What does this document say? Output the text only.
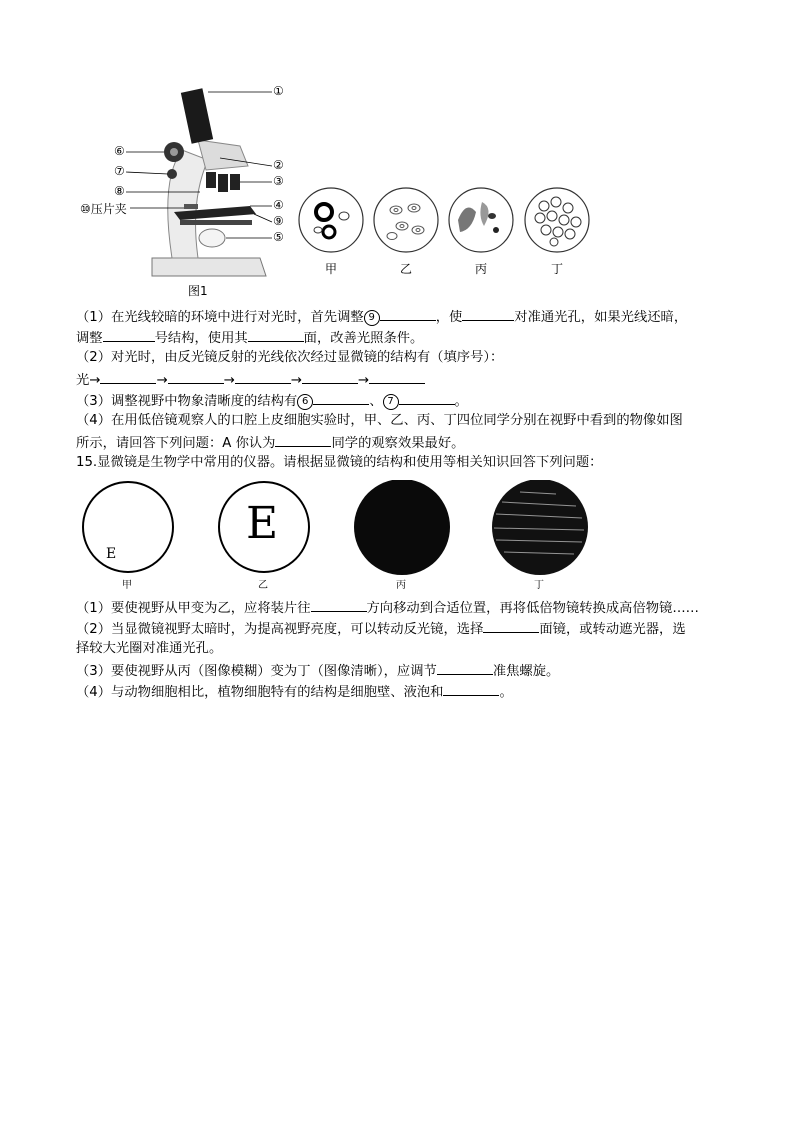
①
②
③
④
⑤
⑥
⑦
⑧
⑨
⑩压片夹
图1
甲	乙	丙	丁
（1）在光线较暗的环境中进行对光时，首先调整 9	，使	对准通光孔，如果光线还暗，
调整	号结构，使用其	面，改善光照条件。
（2）对光时，由反光镜反射的光线依次经过显微镜的结构有（填序号）：
光→	→	→	→	→
（3）调整视野中物象清晰度的结构有 6	、 7	。
（4）在用低倍镜观察人的口腔上皮细胞实验时，甲、乙、丙、丁四位同学分别在视野中看到的物像如图
所示，请回答下列问题：A 你认为	同学的观察效果最好。
15.显微镜是生物学中常用的仪器。请根据显微镜的结构和使用等相关知识回答下列问题：
E
E
甲	乙	丙	丁
（1）要使视野从甲变为乙，应将装片往	方向移动到合适位置，再将低倍物镜转换成高倍物镜……
（2）当显微镜视野太暗时，为提高视野亮度，可以转动反光镜，选择	面镜，或转动遮光器，选
择较大光圈对准通光孔。
（3）要使视野从丙（图像模糊）变为丁（图像清晰），应调节	准焦螺旋。
（4）与动物细胞相比，植物细胞特有的结构是细胞壁、液泡和	。
